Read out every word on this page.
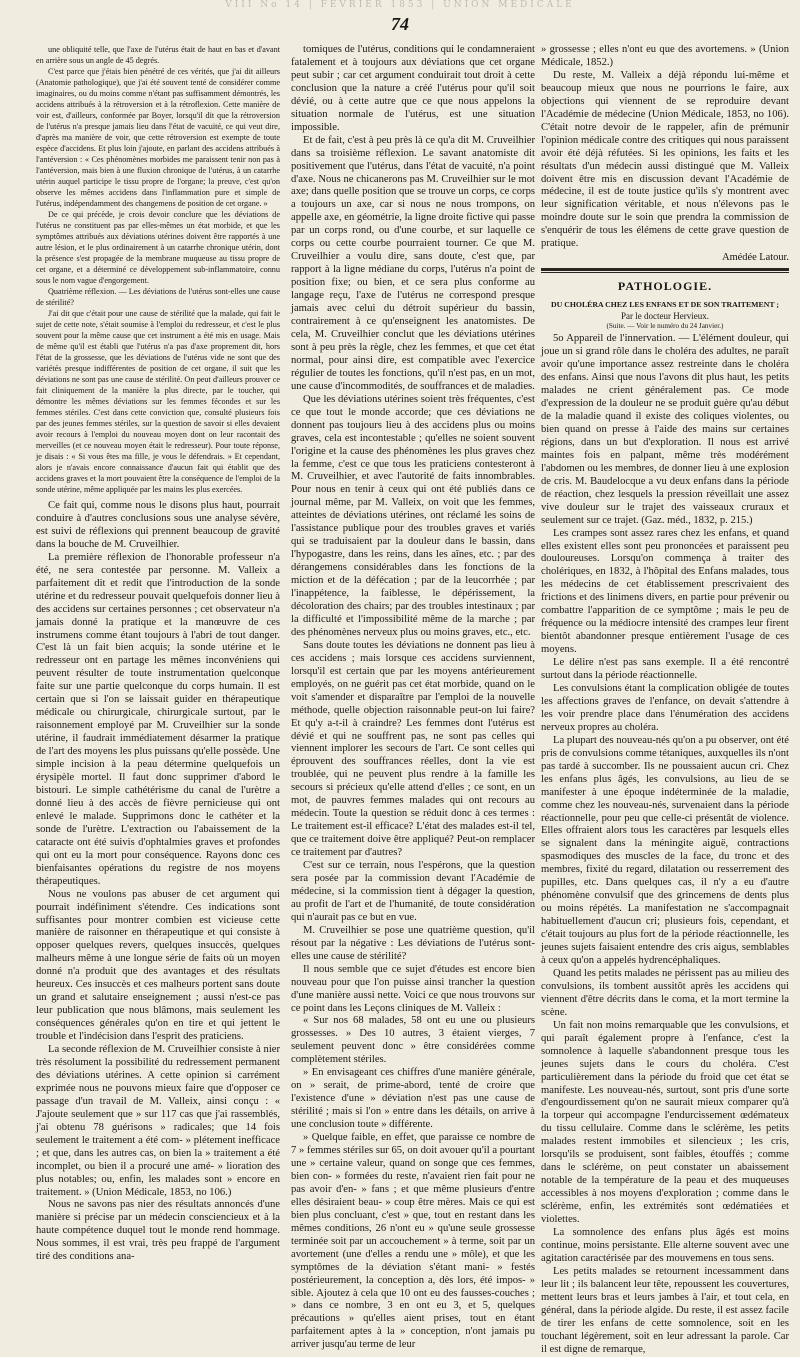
VIII No 14 | FEVRIER 1853 | UNION MEDICALE
74

une obliquité telle, que l'axe de l'utérus était de haut en bas et d'avant en arrière sous un angle de 45 degrés.

C'est parce que j'étais bien pénétré de ces vérités, que j'ai dit ailleurs (Anatomie pathologique), que j'ai été souvent tenté de considérer comme imaginaires, ou du moins comme n'étant pas suffisamment démontrés, les accidens attribués à la rétroversion et à la rétroflexion. Cette manière de voir est, d'ailleurs, conformée par Boyer, lorsqu'il dit que la rétroversion de l'utérus n'a presque jamais lieu dans l'état de vacuité, ce qui veut dire, d'après ma manière de voir, que cette rétroversion est exempte de toute espèce d'accidens. Et plus loin j'ajoute, en parlant des accidens attribués à l'antéversion : « Ces phénomènes morbides me paraissent tenir non pas à l'antéversion, mais bien à une fluxion chronique de l'utérus, à un catarrhe utérin auquel participe le tissu propre de l'organe; la preuve, c'est qu'on observe les mêmes accidens dans l'inflammation pure et simple de l'utérus, indépendamment des changemens de position de cet organe. »

De ce qui précède, je crois devoir conclure que les déviations de l'utérus ne constituent pas par elles-mêmes un état morbide, et que les symptômes attribués aux déviations utérines doivent être rapportés à une autre lésion, et le plus ordinairement à un catarrhe chronique utérin, dont la présence s'est propagée de la membrane muqueuse au tissu propre de cet organe, et a déterminé ce développement sub-inflammatoire, connu sous le nom vague d'engorgement.

Quatrième réflexion. — Les déviations de l'utérus sont-elles une cause de stérilité?

J'ai dit que c'était pour une cause de stérilité que la malade, qui fait le sujet de cette note, s'était soumise à l'emploi du redresseur, et c'est le plus souvent pour la même cause que cet instrument a été mis en usage. Mais de même qu'il est établi que l'utérus n'a pas d'axe proprement dit, hors l'état de la grossesse, que les déviations de l'utérus vide ne sont que des variétés presque indifférentes de position de cet organe, il suit que les déviations ne sont pas une cause de stérilité. On peut d'ailleurs prouver ce fait cliniquement de la manière la plus directe, par le toucher, qui démontre les mêmes déviations sur les femmes fécondes et sur les femmes stériles. C'est dans cette conviction que, consulté plusieurs fois par des jeunes femmes stériles, sur la question de savoir si elles devaient avoir recours à l'emploi du nouveau moyen dont on leur racontait des merveilles (et ce nouveau moyen était le redresseur). Pour toute réponse, je disais : « Si vous êtes ma fille, je vous le défendrais. » Et cependant, alors je n'avais encore connaissance d'aucun fait qui établit que des accidens graves et la mort pouvaient être la conséquence de l'emploi de la sonde utérine, même appliquée par les mains les plus exercées.

Ce fait qui, comme nous le disons plus haut, pourrait conduire à d'autres conclusions sous une analyse sévère, est suivi de réflexions qui prennent beaucoup de gravité dans la bouche de M. Cruveilhier.

La première réflexion de l'honorable professeur n'a été, ne sera contestée par personne. M. Valleix a parfaitement dit et redit que l'introduction de la sonde utérine et du redresseur pouvait quelquefois donner lieu à des accidens sur certaines personnes ; cet observateur n'a jamais donné la pratique et la manœuvre de ces instrumens comme étant toujours à l'abri de tout danger. C'est là un fait bien acquis; la sonde utérine et le redresseur ont en partage les mêmes inconvéniens qui peuvent résulter de toute instrumentation quelconque faite sur une partie quelconque du corps humain. Il est certain que si l'on se laissait guider en thérapeutique médicale ou chirurgicale, chirurgicale surtout, par le raisonnement employé par M. Cruveilhier sur la sonde utérine, il faudrait immédiatement désarmer la pratique de l'art des moyens les plus puissans qu'elle possède. Une simple incision à la peau détermine quelquefois un érysipèle mortel. Il faut donc supprimer d'abord le bistouri. Le simple cathétérisme du canal de l'urètre a donné lieu à des accès de fièvre pernicieuse qui ont enlevé le malade. Supprimons donc le cathéter et la sonde de l'urètre. L'extraction ou l'abaissement de la cataracte ont été suivis d'ophtalmies graves et profondes qui ont eu la mort pour conséquence. Rayons donc ces bienfaisantes opérations du registre de nos moyens thérapeutiques.

Nous ne voulons pas abuser de cet argument qui pourrait indéfiniment s'étendre. Ces indications sont suffisantes pour montrer combien est vicieuse cette manière de raisonner en thérapeutique et qui consiste à opposer quelques revers, quelques insuccès, quelques malheurs même à une longue série de faits où un moyen donné n'a produit que des avantages et des résultats heureux. Ces insuccès et ces malheurs portent sans doute un grand et salutaire enseignement ; aussi n'est-ce pas leur publication que nous blâmons, mais seulement les conséquences générales qu'on en tire et qui jettent le trouble et l'indécision dans l'esprit des praticiens.

La seconde réflexion de M. Cruveilhier consiste à nier très résolument la possibilité du redressement permanent des déviations utérines. A cette opinion si carrément exprimée nous ne pouvons mieux faire que d'opposer ce passage d'un travail de M. Valleix, ainsi conçu : « J'ajoute seulement que » sur 117 cas que j'ai rassemblés, j'ai obtenu 78 guérisons » radicales; que 14 fois seulement le traitement a été com- » plétement inefficace ; et que, dans les autres cas, on bien la » traitement a été incomplet, ou bien il a procuré une amé- » lioration des plus notables; ou, enfin, les malades sont » encore en traitement. » (Union Médicale, 1853, no 106.)

Nous ne savons pas nier des résultats annoncés d'une manière si précise par un médecin consciencieux et à la haute compétence duquel tout le monde rend hommage. Nous sommes, il est vrai, très peu frappé de l'argument tiré des conditions ana-

tomiques de l'utérus, conditions qui le condamneraient fatalement et à toujours aux déviations que cet organe peut subir ; car cet argument conduirait tout droit à cette conclusion que la nature a créé l'utérus pour qu'il soit dévié, ou à cette autre que ce que nous appelons la situation normale de l'utérus, est une situation impossible.

Et de fait, c'est à peu près là ce qu'a dit M. Cruveilhier dans sa troisième réflexion. Le savant anatomiste dit positivement que l'utérus, dans l'état de vacuité, n'a point d'axe. Nous ne chicanerons pas M. Cruveilhier sur le mot axe; dans quelle position que se trouve un corps, ce corps a toujours un axe, car si nous ne nous trompons, on appelle axe, en géométrie, la ligne droite fictive qui passe par un corps rond, ou d'une courbe, et sur laquelle ce corps ou cette courbe pourraient tourner. Ce que M. Cruveilhier a voulu dire, sans doute, c'est que, par rapport à la ligne médiane du corps, l'utérus n'a point de position fixe; ou bien, et ce sera plus conforme au langage reçu, l'axe de l'utérus ne correspond presque jamais avec celui du détroit supérieur du bassin, contrairement à ce qu'enseignent les anatomistes. De cela, M. Cruveilhier conclut que les déviations utérines sont à peu près la règle, chez les femmes, et que cet état normal, pour ainsi dire, est compatible avec l'exercice régulier de toutes les fonctions, qu'il n'est pas, en un mot, une cause d'incommodités, de souffrances et de maladies.

Que les déviations utérines soient très fréquentes, c'est ce que tout le monde accorde; que ces déviations ne donnent pas toujours lieu à des accidens plus ou moins graves, cela est incontestable ; qu'elles ne soient souvent l'origine et la cause des phénomènes les plus graves chez la femme, c'est ce que tous les praticiens contesteront à M. Cruveilhier, et avec l'autorité de faits innombrables. Pour nous en tenir à ceux qui ont été publiés dans ce journal même, par M. Valleix, on voit que les femmes, atteintes de déviations utérines, ont réclamé les soins de l'assistance publique pour des troubles graves et variés qui se traduisaient par la douleur dans le bassin, dans l'hypogastre, dans les reins, dans les aînes, etc. ; par des dérangemens considérables dans les fonctions de la miction et de la défécation ; par de la leucorrhée ; par l'inappétence, la faiblesse, le dépérissement, la décoloration des chairs; par des troubles intestinaux ; par la difficulté et l'impossibilité même de la marche ; par des phénomènes nerveux plus ou moins graves, etc., etc.

Sans doute toutes les déviations ne donnent pas lieu à ces accidens ; mais lorsque ces accidens surviennent, lorsqu'il est certain que par les moyens antérieurement employés, on ne guérit pas cet état morbide, quand on le voit s'amender et disparaître par l'emploi de la nouvelle méthode, quelle objection raisonnable peut-on lui faire? Et qu'y a-t-il à craindre? Les femmes dont l'utérus est dévié et qui ne souffrent pas, ne sont pas celles qui viennent implorer les secours de l'art. Ce sont celles qui éprouvent des souffrances réelles, dont la vie est troublée, qui ne peuvent plus rendre à la famille les secours si précieux qu'elle attend d'elles ; ce sont, en un mot, de pauvres femmes malades qui ont recours au médecin. Toute la question se réduit donc à ces termes : Le traitement est-il efficace? L'état des malades est-il tel, que ce traitement doive être appliqué? Peut-on remplacer ce traitement par d'autres?

C'est sur ce terrain, nous l'espérons, que la question sera posée par la commission devant l'Académie de médecine, si la commission tient à dégager la question, au profit de l'art et de l'humanité, de toute considération qui n'aurait pas ce but en vue.

M. Cruveilhier se pose une quatrième question, qu'il résout par la négative : Les déviations de l'utérus sont-elles une cause de stérilité?

Il nous semble que ce sujet d'études est encore bien nouveau pour que l'on puisse ainsi trancher la question d'une manière aussi nette. Voici ce que nous trouvons sur ce point dans les Leçons cliniques de M. Valleix :

« Sur nos 68 malades, 58 ont eu une ou plusieurs grossesses. » Des 10 autres, 3 étaient vierges, 7 seulement peuvent donc » être considérées comme complètement stériles.

» En envisageant ces chiffres d'une manière générale, on » serait, de prime-abord, tenté de croire que l'existence d'une » déviation n'est pas une cause de stérilité ; mais si l'on » entre dans les détails, on arrive à une conclusion toute » différente.

» Quelque faible, en effet, que paraisse ce nombre de 7 » femmes stériles sur 65, on doit avouer qu'il a pourtant une » certaine valeur, quand on songe que ces femmes, bien con- » formées du reste, n'avaient rien fait pour ne pas avoir d'en- » fans ; et que même plusieurs d'entre elles désiraient beau- » coup être mères. Mais ce qui est bien plus concluant, c'est » que, tout en restant dans les mêmes conditions, 26 n'ont eu » qu'une seule grossesse terminée soit par un accouchement » à terme, soit par un avortement (une d'elles a rendu une » môle), et que les symptômes de la déviation s'étant mani- » festés postérieurement, la conception a, dès lors, été impos- » sible. Ajoutez à cela que 10 ont eu des fausses-couches ; » dans ce nombre, 3 en ont eu 3, et 5, quelques précautions » qu'elles aient prises, tout en étant parfaitement aptes à la » conception, n'ont jamais pu arriver jusqu'au terme de leur

» grossesse ; elles n'ont eu que des avortemens. » (Union Médicale, 1852.)

Du reste, M. Valleix a déjà répondu lui-même et beaucoup mieux que nous ne pourrions le faire, aux objections qui viennent de se reproduire devant l'Académie de médecine (Union Médicale, 1853, no 106). C'était notre devoir de le rappeler, afin de prémunir l'opinion médicale contre des critiques qui nous paraissent avoir été déjà réfutées. Si les opinions, les faits et les résultats d'un médecin aussi distingué que M. Valleix doivent être mis en discussion devant l'Académie de médecine, il est de toute justice qu'ils s'y montrent avec leur signification véritable, et nous n'élevons pas le moindre doute sur le soin que prendra la commission de s'enquérir de tous les élémens de cette grave question de pratique.

Amédée Latour.
PATHOLOGIE.
DU CHOLÉRA CHEZ LES ENFANS ET DE SON TRAITEMENT ;
Par le docteur Hervieux.
(Suite. — Voir le numéro du 24 Janvier.)

5o Appareil de l'innervation. — L'élément douleur, qui joue un si grand rôle dans le choléra des adultes, ne paraît avoir qu'une importance assez restreinte dans le choléra des enfans. Ainsi que nous l'avons dit plus haut, les petits malades ne crient généralement pas. Ce mode d'expression de la douleur ne se produit guère qu'au début de la maladie quand il existe des coliques violentes, ou bien quand on presse à l'aide des mains sur certaines régions, dans un but d'exploration. Il nous est arrivé maintes fois en palpant, même très modérément l'abdomen ou les membres, de donner lieu à une explosion de cris. M. Baudelocque a vu deux enfans dans la période de réaction, chez lesquels la pression réveillait une assez vive douleur sur le trajet des vaisseaux cruraux et seulement sur ce trajet. (Gaz. méd., 1832, p. 215.)

Les crampes sont assez rares chez les enfans, et quand elles existent elles sont peu prononcées et paraissent peu douloureuses. Lorsqu'on commença à traiter des cholériques, en 1832, à l'hôpital des Enfans malades, tous les médecins de cet établissement prescrivaient des frictions et des linimens divers, en partie pour prévenir ou combattre l'apparition de ce symptôme ; mais le peu de fréquence ou la médiocre intensité des crampes leur firent bientôt abandonner presque entièrement l'usage de ces moyens.

Le délire n'est pas sans exemple. Il a été rencontré surtout dans la période réactionnelle.

Les convulsions étant la complication obligée de toutes les affections graves de l'enfance, on devait s'attendre à les voir prendre place dans l'énumération des accidens nerveux propres au choléra.

La plupart des nouveau-nés qu'on a pu observer, ont été pris de convulsions comme tétaniques, auxquelles ils n'ont pas tardé à succomber. Ils ne poussaient aucun cri. Chez les enfans plus âgés, les convulsions, au lieu de se manifester à une époque indéterminée de la maladie, comme chez les nouveau-nés, survenaient dans la période réactionnelle, pour peu que celle-ci présentât de violence. Elles offraient alors tous les caractères par lesquels elles se signalent dans la méningite aiguë, contractions spasmodiques des muscles de la face, du tronc et des membres, fixité du regard, dilatation ou resserrement des pupilles, etc. Dans quelques cas, il n'y a eu d'autre phénomène convulsif que des grincemens de dents plus ou moins répétés. La manifestation ne s'accompagnait habituellement d'aucun cri; plusieurs fois, cependant, et c'était toujours au plus fort de la période réactionnelle, les jeunes sujets faisaient entendre des cris aigus, semblables à ceux qu'on a appelés hydrencéphaliques.

Quand les petits malades ne périssent pas au milieu des convulsions, ils tombent aussitôt après les accidens qui viennent d'être décrits dans le coma, et la mort termine la scène.

Un fait non moins remarquable que les convulsions, et qui paraît également propre à l'enfance, c'est la somnolence à laquelle s'abandonnent presque tous les jeunes sujets dans le cours du choléra. C'est particulièrement dans la période du froid que cet état se manifeste. Les nouveau-nés, surtout, sont pris d'une sorte d'engourdissement qu'on ne saurait mieux comparer qu'à la torpeur qui accompagne l'endurcissement œdémateux du tissu cellulaire. Comme dans le sclérème, les petits malades restent immobiles et silencieux ; les cris, lorsqu'ils se produisent, sont faibles, étouffés ; comme dans le sclérème, on peut constater un abaissement notable de la température de la peau et des muqueuses accessibles à nos moyens d'exploration ; comme dans le sclérème, enfin, les extrémités sont œdématiées et violettes.

La somnolence des enfans plus âgés est moins continue, moins persistante. Elle alterne souvent avec une agitation caractérisée par des mouvemens en tous sens.

Les petits malades se retournent incessamment dans leur lit ; ils balancent leur tête, repoussent les couvertures, mettent leurs bras et leurs jambes à l'air, et tout cela, en général, dans la période algide. Du reste, il est assez facile de tirer les enfans de cette somnolence, soit en les touchant légèrement, soit en leur adressant la parole. Car il est digne de remarque,
